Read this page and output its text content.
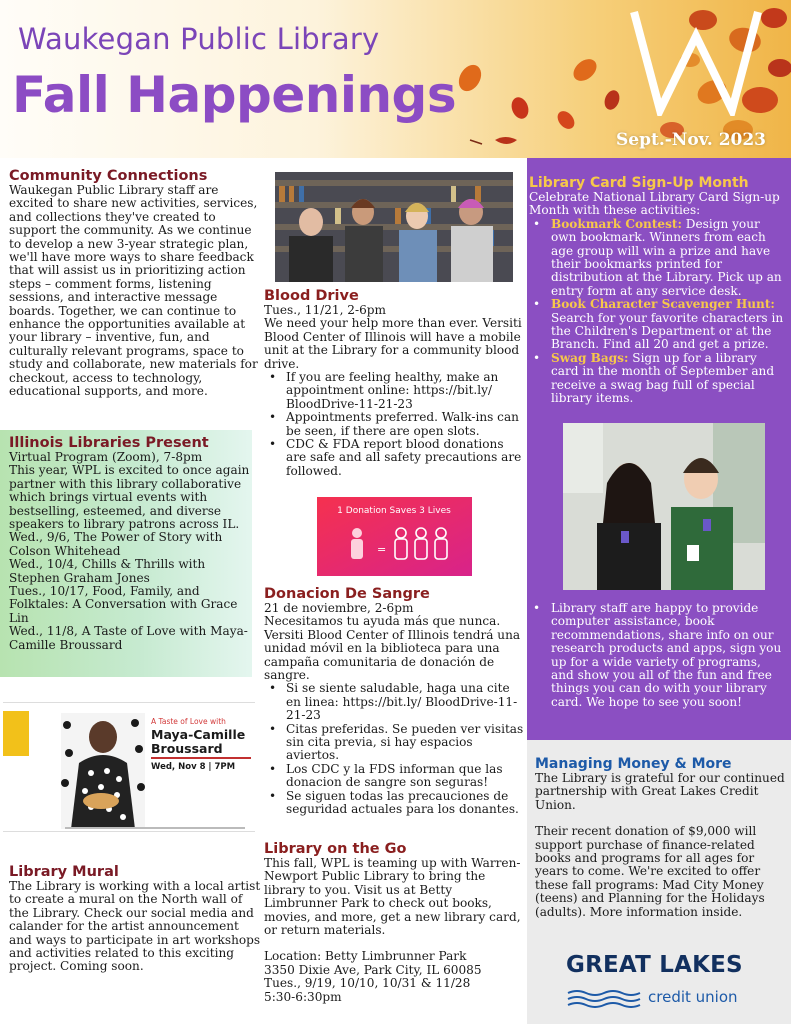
Waukegan Public Library
Fall Happenings
Sept.-Nov. 2023
Community Connections

Waukegan Public Library staff are excited to share new activities, services, and collections they've created to support the community. As we continue to develop a new 3-year strategic plan, we'll have more ways to share feedback that will assist us in prioritizing action steps – comment forms, listening sessions, and interactive message boards. Together, we can continue to enhance the opportunities available at your library – inventive, fun, and culturally relevant programs, space to study and collaborate, new materials for checkout, access to technology, educational supports, and more.

Illinois Libraries Present

Virtual Program (Zoom), 7-8pm

This year, WPL is excited to once again partner with this library collaborative which brings virtual events with bestselling, esteemed, and diverse speakers to library patrons across IL.

Wed., 9/6, The Power of Story with Colson Whitehead

Wed., 10/4, Chills & Thrills with Stephen Graham Jones

Tues., 10/17, Food, Family, and Folktales: A Conversation with Grace Lin

Wed., 11/8, A Taste of Love with Maya-Camille Broussard

A Taste of Love with
Maya-Camille Broussard
Wed, Nov 8 | 7PM
Library Mural

The Library is working with a local artist to create a mural on the North wall of the Library. Check our social media and calander for the artist announcement and ways to participate in art workshops and activities related to this exciting project. Coming soon.

Blood Drive

Tues., 11/21, 2-6pm

We need your help more than ever. Versiti Blood Center of Illinois will have a mobile unit at the Library for a community blood drive.

• If you are feeling healthy, make an appointment online: https://bit.ly/ BloodDrive-11-21-23
• Appointments preferred. Walk-ins can be seen, if there are open slots.
• CDC & FDA report blood donations are safe and all safety precautions are followed.
1 Donation Saves 3 Lives
=
Donacion De Sangre

21 de noviembre, 2-6pm

Necesitamos tu ayuda más que nunca. Versiti Blood Center of Illinois tendrá una unidad móvil en la biblioteca para una campaña comunitaria de donación de sangre.

• Si se siente saludable, haga una cite en linea: https://bit.ly/ BloodDrive-11-21-23
• Citas preferidas. Se pueden ver visitas sin cita previa, si hay espacios aviertos.
• Los CDC y la FDS informan que las donacion de sangre son seguras!
• Se siguen todas las precauciones de seguridad actuales para los donantes.
Library on the Go

This fall, WPL is teaming up with Warren-Newport Public Library to bring the library to you. Visit us at Betty Limbrunner Park to check out books, movies, and more, get a new library card, or return materials.

Location: Betty Limbrunner Park

3350 Dixie Ave, Park City, IL 60085

Tues., 9/19, 10/10, 10/31 & 11/28

5:30-6:30pm

Library Card Sign-Up Month

Celebrate National Library Card Sign-up Month with these activities:

• Bookmark Contest: Design your own bookmark. Winners from each age group will win a prize and have their bookmarks printed for distribution at the Library. Pick up an entry form at any service desk.
• Book Character Scavenger Hunt: Search for your favorite characters in the Children's Department or at the Branch. Find all 20 and get a prize.
• Swag Bags: Sign up for a library card in the month of September and receive a swag bag full of special library items.
• Library staff are happy to provide computer assistance, book recommendations, share info on our research products and apps, sign you up for a wide variety of programs, and show you all of the fun and free things you can do with your library card. We hope to see you soon!
Managing Money & More

The Library is grateful for our continued partnership with Great Lakes Credit Union.

Their recent donation of $9,000 will support purchase of finance-related books and programs for all ages for years to come. We're excited to offer these fall programs: Mad City Money (teens) and Planning for the Holidays (adults). More information inside.

GREAT LAKES
credit union
